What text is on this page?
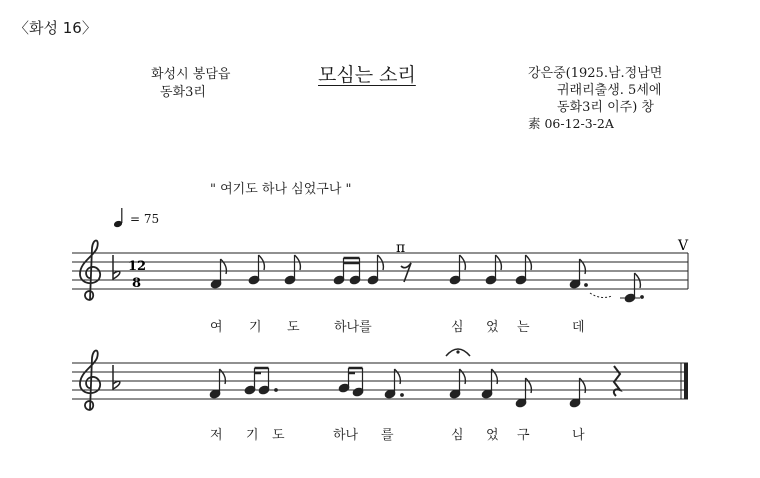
〈화성 16〉
화성시 봉담읍
동화3리
모심는 소리	강은중(1925.남.정남면
귀래리출생. 5세에
동화3리 이주) 창
素 06-12-3-2A
" 여기도 하나 심었구나 "
= 75
12
8
π	V
여 기 도	하나를	심 었 는	데
저 기 도	하나 를	심 었 구	나
